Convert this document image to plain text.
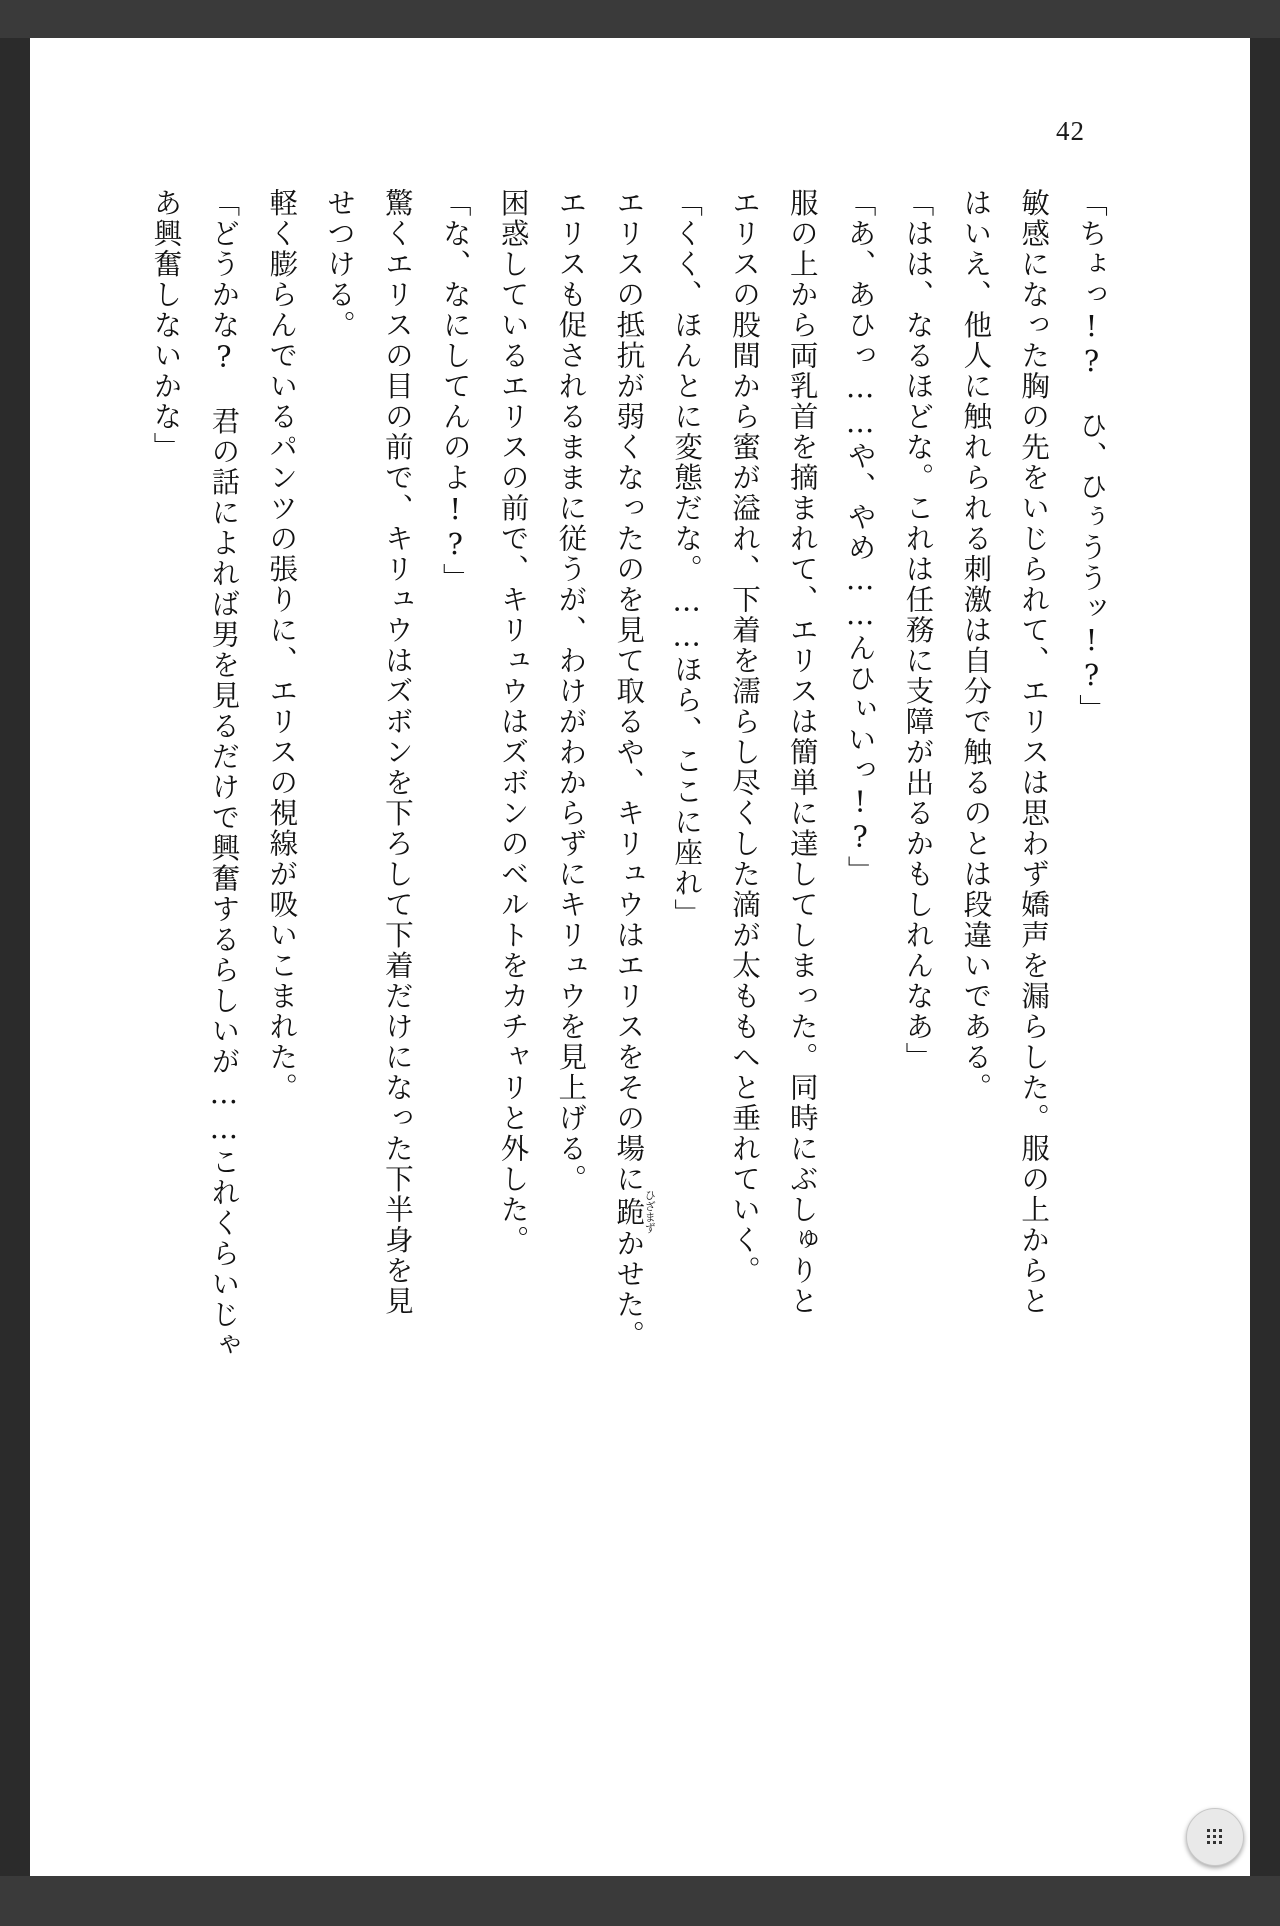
42

「ちょっ!?　ひ、ひぅううッ!?」

敏感になった胸の先をいじられて、エリスは思わず嬌声を漏らした。服の上からと

はいえ、他人に触れられる刺激は自分で触るのとは段違いである。

「はは、なるほどな。これは任務に支障が出るかもしれんなあ」

「あ、あひっ……や、やめ……んひぃいっ!?」

服の上から両乳首を摘まれて、エリスは簡単に達してしまった。同時にぶしゅりと

エリスの股間から蜜が溢れ、下着を濡らし尽くした滴が太ももへと垂れていく。

「くく、ほんとに変態だな。……ほら、ここに座れ」

エリスの抵抗が弱くなったのを見て取るや、キリュウはエリスをその場に跪ひざまずかせた。

エリスも促されるままに従うが、わけがわからずにキリュウを見上げる。

困惑しているエリスの前で、キリュウはズボンのベルトをカチャリと外した。

「な、なにしてんのよ!?」

驚くエリスの目の前で、キリュウはズボンを下ろして下着だけになった下半身を見

せつける。

軽く膨らんでいるパンツの張りに、エリスの視線が吸いこまれた。

「どうかな?　君の話によれば男を見るだけで興奮するらしいが……これくらいじゃ

あ興奮しないかな」
